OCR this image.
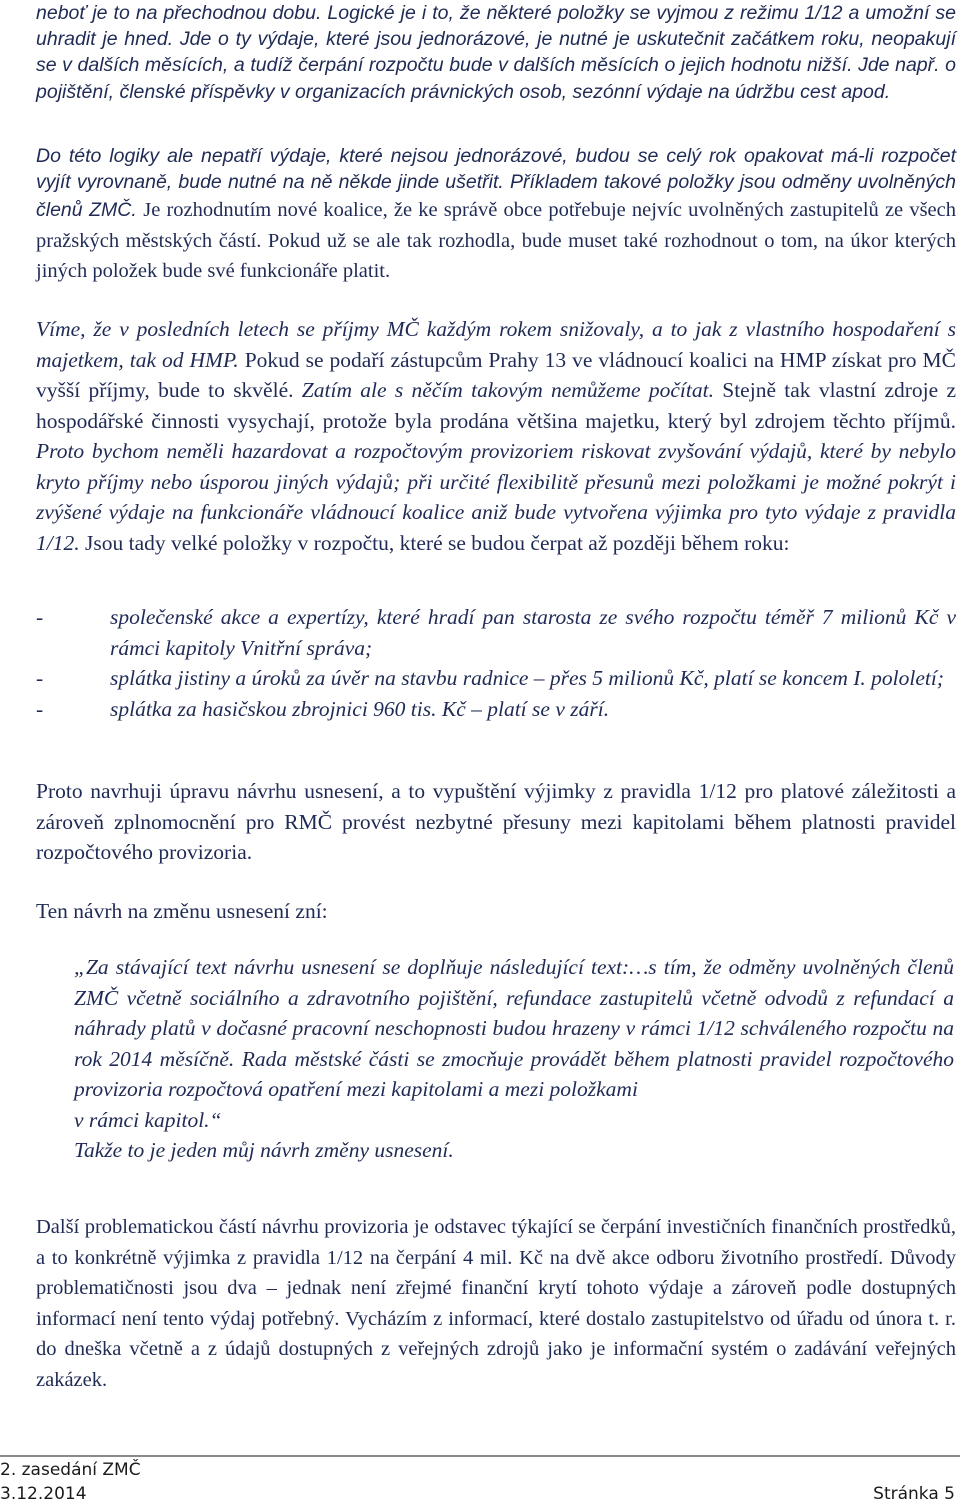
neboť je to na přechodnou dobu. Logické je i to, že některé položky se vyjmou z režimu 1/12 a umožní se uhradit je hned. Jde o ty výdaje, které jsou jednorázové, je nutné je uskutečnit začátkem roku, neopakují se v dalších měsících, a tudíž čerpání rozpočtu bude v dalších měsících o jejich hodnotu nižší. Jde např. o pojištění, členské příspěvky v organizacích právnických osob, sezónní výdaje na údržbu cest apod.

Do této logiky ale nepatří výdaje, které nejsou jednorázové, budou se celý rok opakovat má-li rozpočet vyjít vyrovnaně, bude nutné na ně někde jinde ušetřit. Příkladem takové položky jsou odměny uvolněných členů ZMČ. Je rozhodnutím nové koalice, že ke správě obce potřebuje nejvíc uvolněných zastupitelů ze všech pražských městských částí. Pokud už se ale tak rozhodla, bude muset také rozhodnout o tom, na úkor kterých jiných položek bude své funkcionáře platit.

Víme, že v posledních letech se příjmy MČ každým rokem snižovaly, a to jak z vlastního hospodaření s majetkem, tak od HMP. Pokud se podaří zástupcům Prahy 13 ve vládnoucí koalici na HMP získat pro MČ vyšší příjmy, bude to skvělé. Zatím ale s něčím takovým nemůžeme počítat. Stejně tak vlastní zdroje z hospodářské činnosti vysychají, protože byla prodána většina majetku, který byl zdrojem těchto příjmů. Proto bychom neměli hazardovat a rozpočtovým provizoriem riskovat zvyšování výdajů, které by nebylo kryto příjmy nebo úsporou jiných výdajů; při určité flexibilitě přesunů mezi položkami je možné pokrýt i zvýšené výdaje na funkcionáře vládnoucí koalice aniž bude vytvořena výjimka pro tyto výdaje z pravidla 1/12. Jsou tady velké položky v rozpočtu, které se budou čerpat až později během roku:

-	společenské akce a expertízy, které hradí pan starosta ze svého rozpočtu téměř 7 milionů Kč v rámci kapitoly Vnitřní správa;
-	splátka jistiny a úroků za úvěr na stavbu radnice – přes 5 milionů Kč, platí se koncem I. pololetí;
-	splátka za hasičskou zbrojnici 960 tis. Kč – platí se v září.

Proto navrhuji úpravu návrhu usnesení, a to vypuštění výjimky z pravidla 1/12 pro platové záležitosti a zároveň zplnomocnění pro RMČ provést nezbytné přesuny mezi kapitolami během platnosti pravidel rozpočtového provizoria.

Ten návrh na změnu usnesení zní:

„Za stávající text návrhu usnesení se doplňuje následující text:…s tím, že odměny uvolněných členů ZMČ včetně sociálního a zdravotního pojištění, refundace zastupitelů včetně odvodů z refundací a náhrady platů v dočasné pracovní neschopnosti budou hrazeny v rámci 1/12 schváleného rozpočtu na rok 2014 měsíčně. Rada městské části se zmocňuje provádět během platnosti pravidel rozpočtového provizoria rozpočtová opatření mezi kapitolami a mezi položkami

v rámci kapitol.“

Takže to je jeden můj návrh změny usnesení.

Další problematickou částí návrhu provizoria je odstavec týkající se čerpání investičních finančních prostředků, a to konkrétně výjimka z pravidla 1/12 na čerpání 4 mil. Kč na dvě akce odboru životního prostředí. Důvody problematičnosti jsou dva – jednak není zřejmé finanční krytí tohoto výdaje a zároveň podle dostupných informací není tento výdaj potřebný. Vycházím z informací, které dostalo zastupitelstvo od úřadu od února t. r. do dneška včetně a z údajů dostupných z veřejných zdrojů jako je informační systém o zadávání veřejných zakázek.

2. zasedání ZMČ
3.12.2014	Stránka 5
